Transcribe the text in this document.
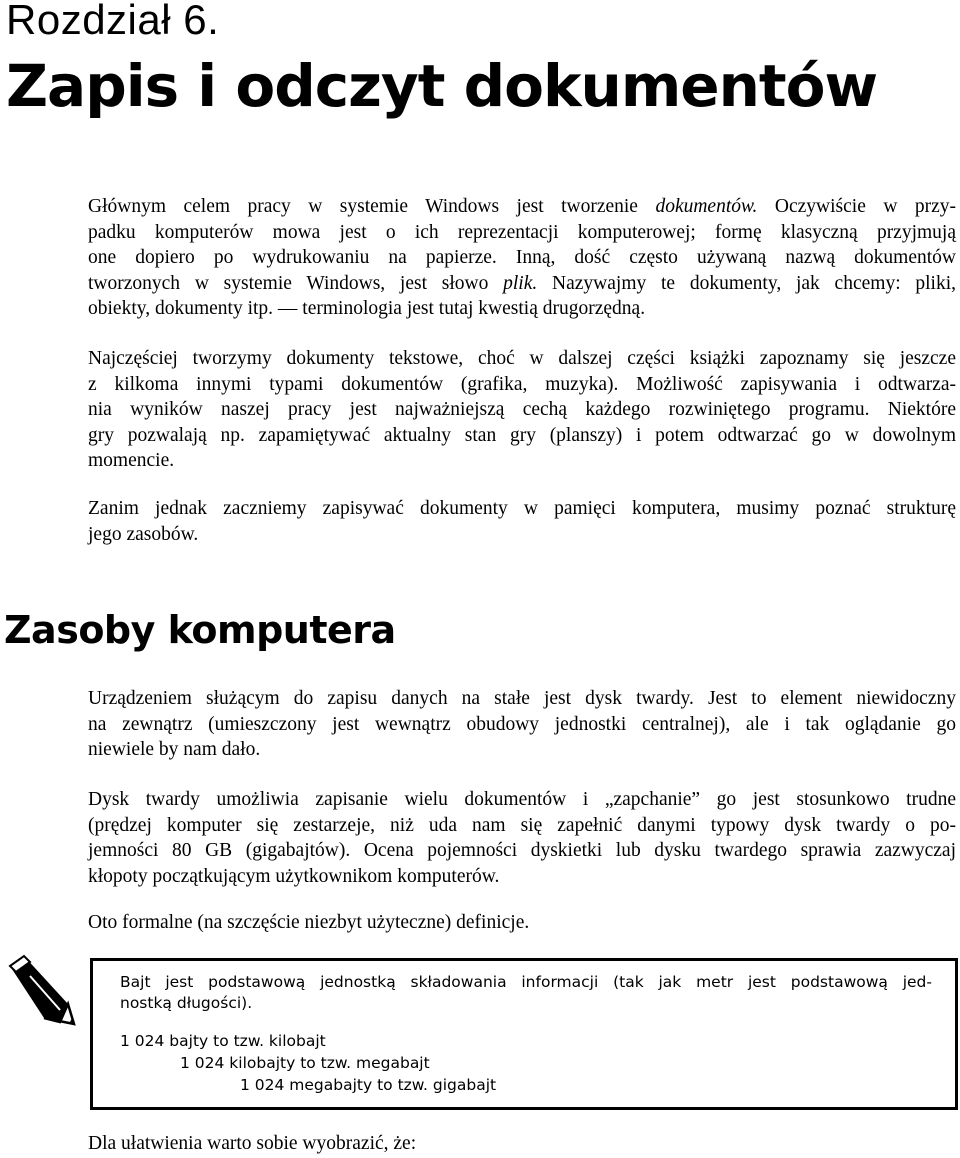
Rozdział 6.
Zapis i odczyt dokumentów
Głównym celem pracy w systemie Windows jest tworzenie dokumentów. Oczywiście w przy-
padku komputerów mowa jest o ich reprezentacji komputerowej; formę klasyczną przyjmują
one dopiero po wydrukowaniu na papierze. Inną, dość często używaną nazwą dokumentów
tworzonych w systemie Windows, jest słowo plik. Nazywajmy te dokumenty, jak chcemy: pliki,
obiekty, dokumenty itp. — terminologia jest tutaj kwestią drugorzędną.
Najczęściej tworzymy dokumenty tekstowe, choć w dalszej części książki zapoznamy się jeszcze
z kilkoma innymi typami dokumentów (grafika, muzyka). Możliwość zapisywania i odtwarza-
nia wyników naszej pracy jest najważniejszą cechą każdego rozwiniętego programu. Niektóre
gry pozwalają np. zapamiętywać aktualny stan gry (planszy) i potem odtwarzać go w dowolnym
momencie.
Zanim jednak zaczniemy zapisywać dokumenty w pamięci komputera, musimy poznać strukturę
jego zasobów.
Zasoby komputera
Urządzeniem służącym do zapisu danych na stałe jest dysk twardy. Jest to element niewidoczny
na zewnątrz (umieszczony jest wewnątrz obudowy jednostki centralnej), ale i tak oglądanie go
niewiele by nam dało.
Dysk twardy umożliwia zapisanie wielu dokumentów i „zapchanie” go jest stosunkowo trudne
(prędzej komputer się zestarzeje, niż uda nam się zapełnić danymi typowy dysk twardy o po-
jemności 80 GB (gigabajtów). Ocena pojemności dyskietki lub dysku twardego sprawia zazwyczaj
kłopoty początkującym użytkownikom komputerów.
Oto formalne (na szczęście niezbyt użyteczne) definicje.
Bajt jest podstawową jednostką składowania informacji (tak jak metr jest podstawową jed-
nostką długości).
1 024 bajty to tzw. kilobajt
1 024 kilobajty to tzw. megabajt
1 024 megabajty to tzw. gigabajt
Dla ułatwienia warto sobie wyobrazić, że:
